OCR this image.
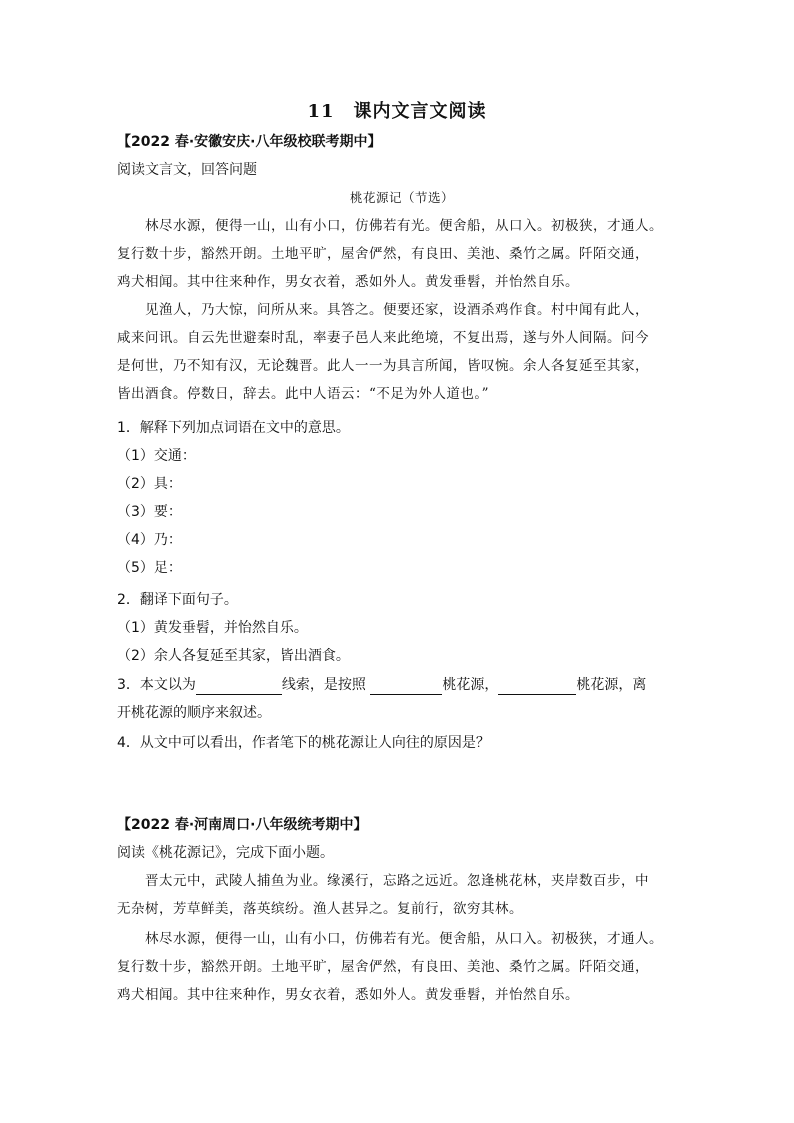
11　课内文言文阅读
【2022 春·安徽安庆·八年级校联考期中】
阅读文言文，回答问题
桃花源记（节选）
林尽水源，便得一山，山有小口，仿佛若有光。便舍船，从口入。初极狭，才通人。
复行数十步，豁然开朗。土地平旷，屋舍俨然，有良田、美池、桑竹之属。阡陌交通，
鸡犬相闻。其中往来种作，男女衣着，悉如外人。黄发垂髫，并怡然自乐。
见渔人，乃大惊，问所从来。具答之。便要还家，设酒杀鸡作食。村中闻有此人，
咸来问讯。自云先世避秦时乱，率妻子邑人来此绝境，不复出焉，遂与外人间隔。问今
是何世，乃不知有汉，无论魏晋。此人一一为具言所闻，皆叹惋。余人各复延至其家，
皆出酒食。停数日，辞去。此中人语云：“不足为外人道也。”
1．解释下列加点词语在文中的意思。
（1）交通：
（2）具：
（3）要：
（4）乃：
（5）足：
2．翻译下面句子。
（1）黄发垂髫，并怡然自乐。
（2）余人各复延至其家，皆出酒食。
3．本文以为	线索，是按照	桃花源，	桃花源，离
开桃花源的顺序来叙述。
4．从文中可以看出，作者笔下的桃花源让人向往的原因是？
【2022 春·河南周口·八年级统考期中】
阅读《桃花源记》，完成下面小题。
晋太元中，武陵人捕鱼为业。缘溪行，忘路之远近。忽逢桃花林，夹岸数百步，中
无杂树，芳草鲜美，落英缤纷。渔人甚异之。复前行，欲穷其林。
林尽水源，便得一山，山有小口，仿佛若有光。便舍船，从口入。初极狭，才通人。
复行数十步，豁然开朗。土地平旷，屋舍俨然，有良田、美池、桑竹之属。阡陌交通，
鸡犬相闻。其中往来种作，男女衣着，悉如外人。黄发垂髫，并怡然自乐。
